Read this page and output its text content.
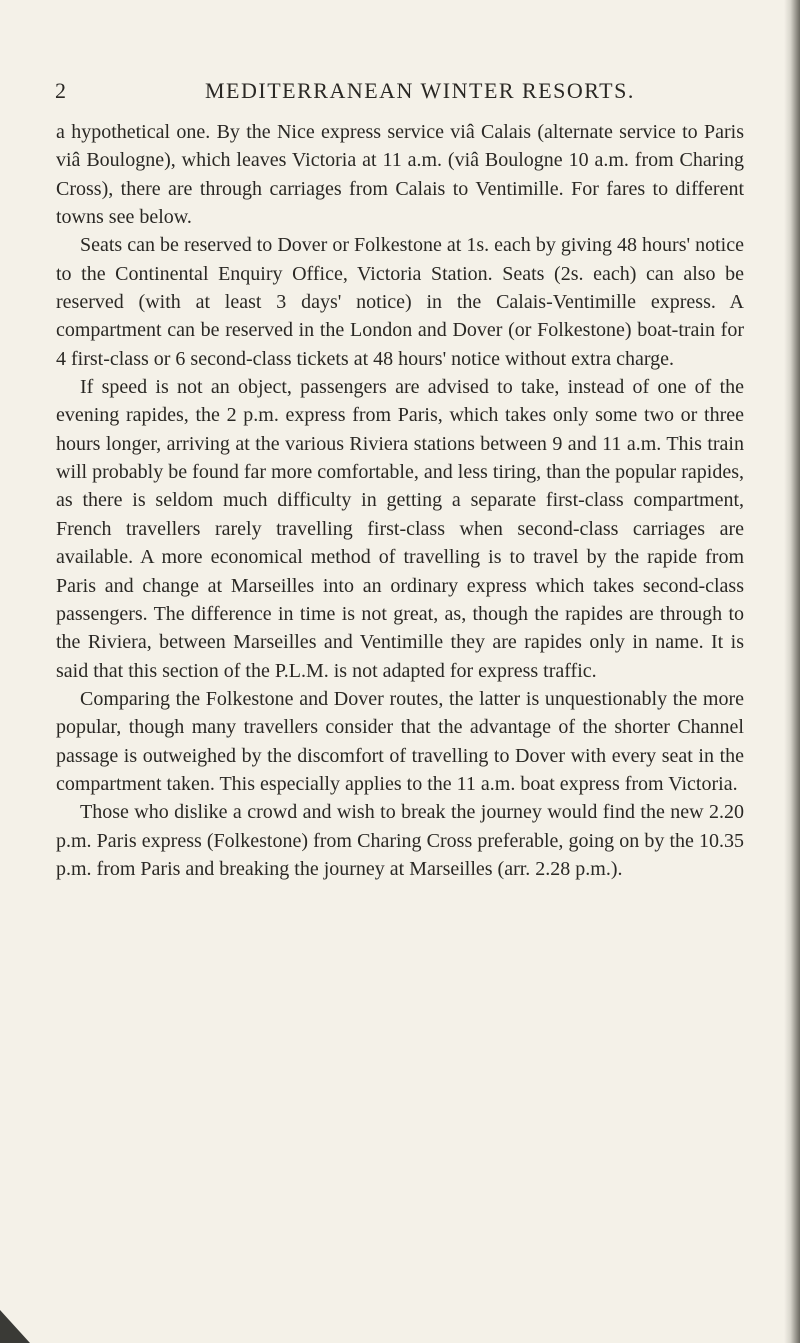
2	MEDITERRANEAN WINTER RESORTS.

a hypothetical one. By the Nice express service viâ Calais (alternate service to Paris viâ Boulogne), which leaves Victoria at 11 a.m. (viâ Boulogne 10 a.m. from Charing Cross), there are through carriages from Calais to Ventimille. For fares to different towns see below.

Seats can be reserved to Dover or Folkestone at 1s. each by giving 48 hours' notice to the Continental Enquiry Office, Victoria Station. Seats (2s. each) can also be reserved (with at least 3 days' notice) in the Calais-Ventimille express. A compartment can be reserved in the London and Dover (or Folkestone) boat-train for 4 first-class or 6 second-class tickets at 48 hours' notice without extra charge.

If speed is not an object, passengers are advised to take, instead of one of the evening rapides, the 2 p.m. express from Paris, which takes only some two or three hours longer, arriving at the various Riviera stations between 9 and 11 a.m. This train will probably be found far more comfortable, and less tiring, than the popular rapides, as there is seldom much difficulty in getting a separate first-class compartment, French travellers rarely travelling first-class when second-class carriages are available. A more economical method of travelling is to travel by the rapide from Paris and change at Marseilles into an ordinary express which takes second-class passengers. The difference in time is not great, as, though the rapides are through to the Riviera, between Marseilles and Ventimille they are rapides only in name. It is said that this section of the P.L.M. is not adapted for express traffic.

Comparing the Folkestone and Dover routes, the latter is unquestionably the more popular, though many travellers consider that the advantage of the shorter Channel passage is outweighed by the discomfort of travelling to Dover with every seat in the compartment taken. This especially applies to the 11 a.m. boat express from Victoria.

Those who dislike a crowd and wish to break the journey would find the new 2.20 p.m. Paris express (Folkestone) from Charing Cross preferable, going on by the 10.35 p.m. from Paris and breaking the journey at Marseilles (arr. 2.28 p.m.).
